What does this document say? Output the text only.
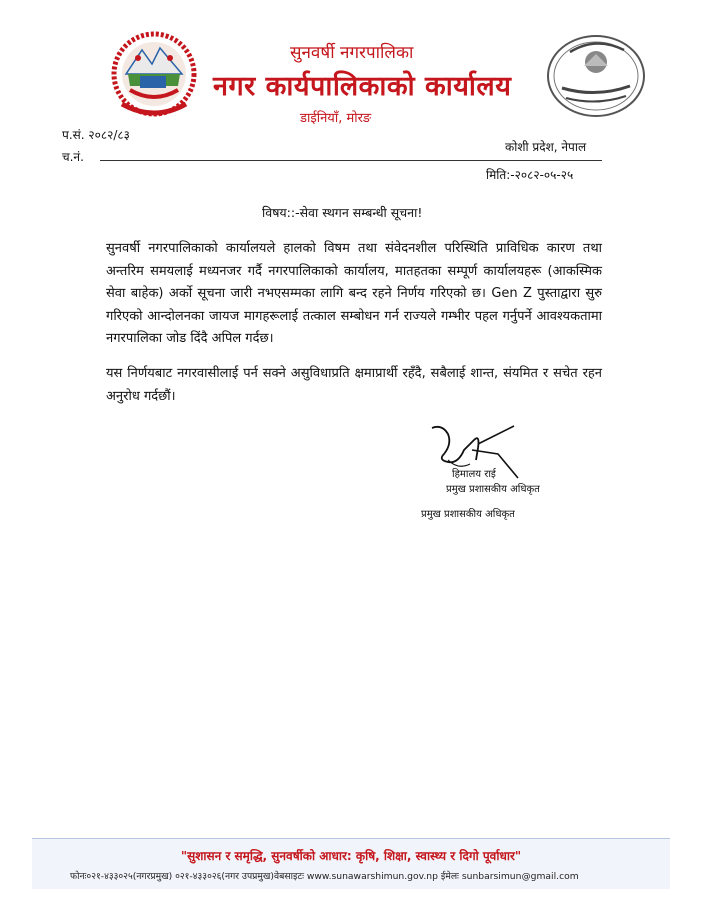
सुनवर्षी नगरपालिका
नगर कार्यपालिकाको कार्यालय
डाईनियाँ, मोरङ
प.सं. २०८२/८३
च.नं.
कोशी प्रदेश, नेपाल
मिति:-२०८२-०५-२५
विषय::-सेवा स्थगन सम्बन्धी सूचना!

सुनवर्षी नगरपालिकाको कार्यालयले हालको विषम तथा संवेदनशील परिस्थिति प्राविधिक कारण तथा अन्तरिम समयलाई मध्यनजर गर्दै नगरपालिकाको कार्यालय, मातहतका सम्पूर्ण कार्यालयहरू (आकस्मिक सेवा बाहेक) अर्को सूचना जारी नभएसम्मका लागि बन्द रहने निर्णय गरिएको छ। Gen Z पुस्ताद्वारा सुरु गरिएको आन्दोलनका जायज मागहरूलाई तत्काल सम्बोधन गर्न राज्यले गम्भीर पहल गर्नुपर्ने आवश्यकतामा नगरपालिका जोड दिंदै अपिल गर्दछ।

यस निर्णयबाट नगरवासीलाई पर्न सक्ने असुविधाप्रति क्षमाप्रार्थी रहँदै, सबैलाई शान्त, संयमित र सचेत रहन अनुरोध गर्दछौं।

हिमालय राई
प्रमुख प्रशासकीय अधिकृत
प्रमुख प्रशासकीय अधिकृत
"सुशासन र समृद्धि, सुनवर्षीको आधार: कृषि, शिक्षा, स्वास्थ्य र दिगो पूर्वाधार"
फोनः०२१-४३३०२५(नगरप्रमुख) ०२१-४३३०२६(नगर उपप्रमुख)वेबसाइटः www.sunawarshimun.gov.np ईमेलः sunbarsimun@gmail.com
